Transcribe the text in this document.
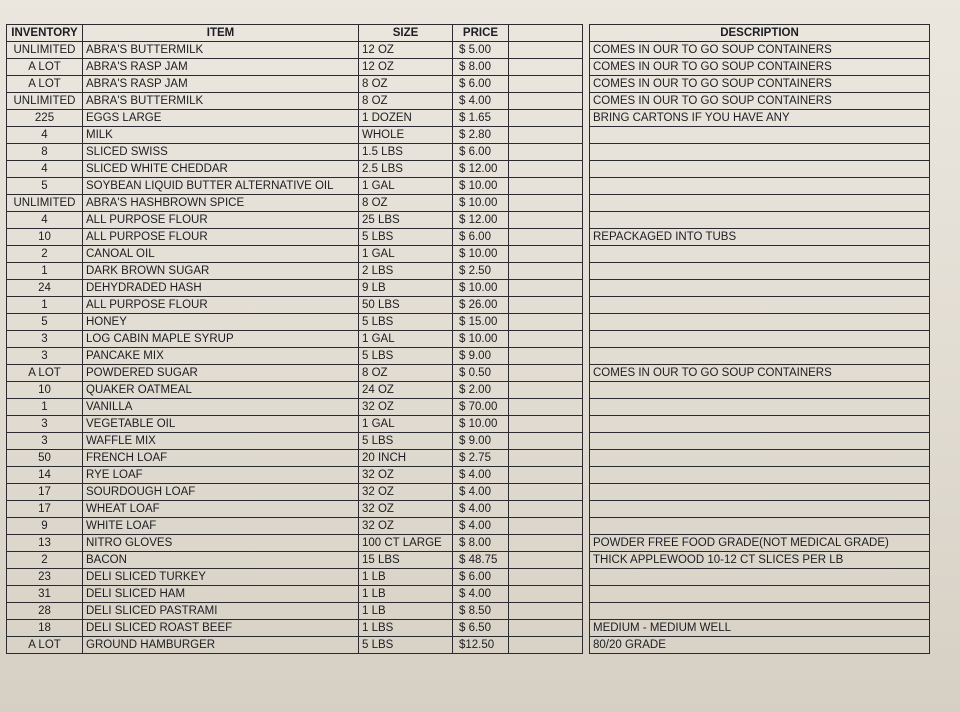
INVENTORY	ITEM	SIZE	PRICE			DESCRIPTION
UNLIMITED	ABRA'S BUTTERMILK	12 OZ	$ 5.00			COMES IN OUR TO GO SOUP CONTAINERS
A LOT	ABRA'S RASP JAM	12 OZ	$ 8.00			COMES IN OUR TO GO SOUP CONTAINERS
A LOT	ABRA'S RASP JAM	8 OZ	$ 6.00			COMES IN OUR TO GO SOUP CONTAINERS
UNLIMITED	ABRA'S BUTTERMILK	8 OZ	$ 4.00			COMES IN OUR TO GO SOUP CONTAINERS
225	EGGS LARGE	1 DOZEN	$ 1.65			BRING CARTONS IF YOU HAVE ANY
4	MILK	WHOLE	$ 2.80			
8	SLICED SWISS	1.5 LBS	$ 6.00			
4	SLICED WHITE CHEDDAR	2.5 LBS	$ 12.00			
5	SOYBEAN LIQUID BUTTER ALTERNATIVE OIL	1 GAL	$ 10.00			
UNLIMITED	ABRA'S HASHBROWN SPICE	8 OZ	$ 10.00			
4	ALL PURPOSE FLOUR	25 LBS	$ 12.00			
10	ALL PURPOSE FLOUR	5 LBS	$ 6.00			REPACKAGED INTO TUBS
2	CANOAL OIL	1 GAL	$ 10.00			
1	DARK BROWN SUGAR	2 LBS	$ 2.50			
24	DEHYDRADED HASH	9 LB	$ 10.00			
1	ALL PURPOSE FLOUR	50 LBS	$ 26.00			
5	HONEY	5 LBS	$ 15.00			
3	LOG CABIN MAPLE SYRUP	1 GAL	$ 10.00			
3	PANCAKE MIX	5 LBS	$ 9.00			
A LOT	POWDERED SUGAR	8 OZ	$ 0.50			COMES IN OUR TO GO SOUP CONTAINERS
10	QUAKER OATMEAL	24 OZ	$ 2.00			
1	VANILLA	32 OZ	$ 70.00			
3	VEGETABLE OIL	1 GAL	$ 10.00			
3	WAFFLE MIX	5 LBS	$ 9.00			
50	FRENCH LOAF	20 INCH	$ 2.75			
14	RYE LOAF	32 OZ	$ 4.00			
17	SOURDOUGH LOAF	32 OZ	$ 4.00			
17	WHEAT LOAF	32 OZ	$ 4.00			
9	WHITE LOAF	32 OZ	$ 4.00			
13	NITRO GLOVES	100 CT LARGE	$ 8.00			POWDER FREE FOOD GRADE(NOT MEDICAL GRADE)
2	BACON	15 LBS	$ 48.75			THICK APPLEWOOD 10-12 CT SLICES PER LB
23	DELI SLICED TURKEY	1 LB	$ 6.00			
31	DELI SLICED HAM	1 LB	$ 4.00			
28	DELI SLICED PASTRAMI	1 LB	$ 8.50			
18	DELI SLICED ROAST BEEF	1 LBS	$ 6.50			MEDIUM - MEDIUM WELL
A LOT	GROUND HAMBURGER	5 LBS	$12.50			80/20 GRADE
